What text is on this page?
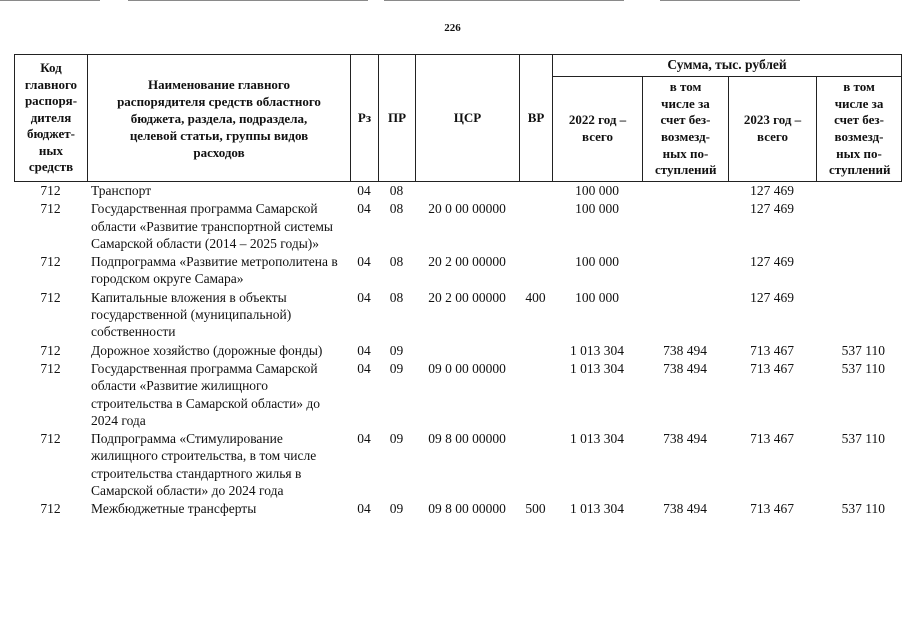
226
Код главного распоря-дителя бюджет-ных средств	Наименование главного распорядителя средств областного бюджета, раздела, подраздела, целевой статьи, группы видов расходов	Рз	ПР	ЦСР	ВР	Сумма, тыс. рублей			
						2022 год – всего	в том числе за счет без-возмезд-ных по-ступлений	2023 год – всего	в том числе за счет без-возмезд-ных по-ступлений
712	Транспорт	04	08			100 000		127 469	
712	Государственная программа Самарской области «Развитие транспортной системы Самарской области (2014 – 2025 годы)»	04	08	20 0 00 00000		100 000		127 469	
712	Подпрограмма «Развитие метрополитена в городском округе Самара»	04	08	20 2 00 00000		100 000		127 469	
712	Капитальные вложения в объекты государственной (муниципальной) собственности	04	08	20 2 00 00000	400	100 000		127 469	
712	Дорожное хозяйство (дорожные фонды)	04	09			1 013 304	738 494	713 467	537 110
712	Государственная программа Самарской области «Развитие жилищного строительства в Самарской области» до 2024 года	04	09	09 0 00 00000		1 013 304	738 494	713 467	537 110
712	Подпрограмма «Стимулирование жилищного строительства, в том числе строительства стандартного жилья в Самарской области» до 2024 года	04	09	09 8 00 00000		1 013 304	738 494	713 467	537 110
712	Межбюджетные трансферты	04	09	09 8 00 00000	500	1 013 304	738 494	713 467	537 110
